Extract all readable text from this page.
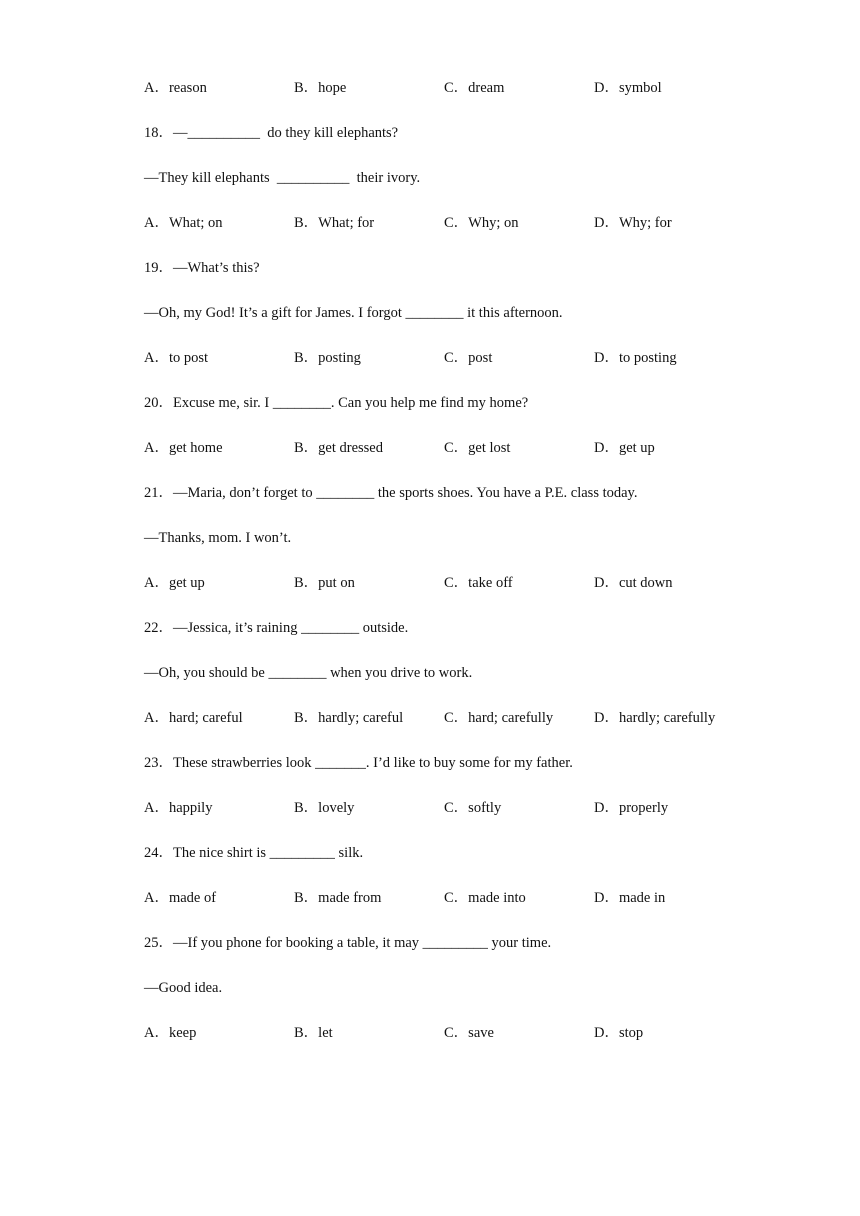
A．reason	B．hope	C．dream	D．symbol
18．—__________  do they kill elephants?
—They kill elephants  __________  their ivory.
A．What; on	B．What; for	C．Why; on	D．Why; for
19．—What’s this?
—Oh, my God! It’s a gift for James. I forgot ________ it this afternoon.
A．to post	B．posting	C．post	D．to posting
20．Excuse me, sir. I ________. Can you help me find my home?
A．get home	B．get dressed	C．get lost	D．get up
21．—Maria, don’t forget to ________ the sports shoes. You have a P.E. class today.
—Thanks, mom. I won’t.
A．get up	B．put on	C．take off	D．cut down
22．—Jessica, it’s raining ________ outside.
—Oh, you should be ________ when you drive to work.
A．hard; careful	B．hardly; careful	C．hard; carefully	D．hardly; carefully
23．These strawberries look _______. I’d like to buy some for my father.
A．happily	B．lovely	C．softly	D．properly
24．The nice shirt is _________ silk.
A．made of	B．made from	C．made into	D．made in
25．—If you phone for booking a table, it may _________ your time.
—Good idea.
A．keep	B．let	C．save	D．stop
